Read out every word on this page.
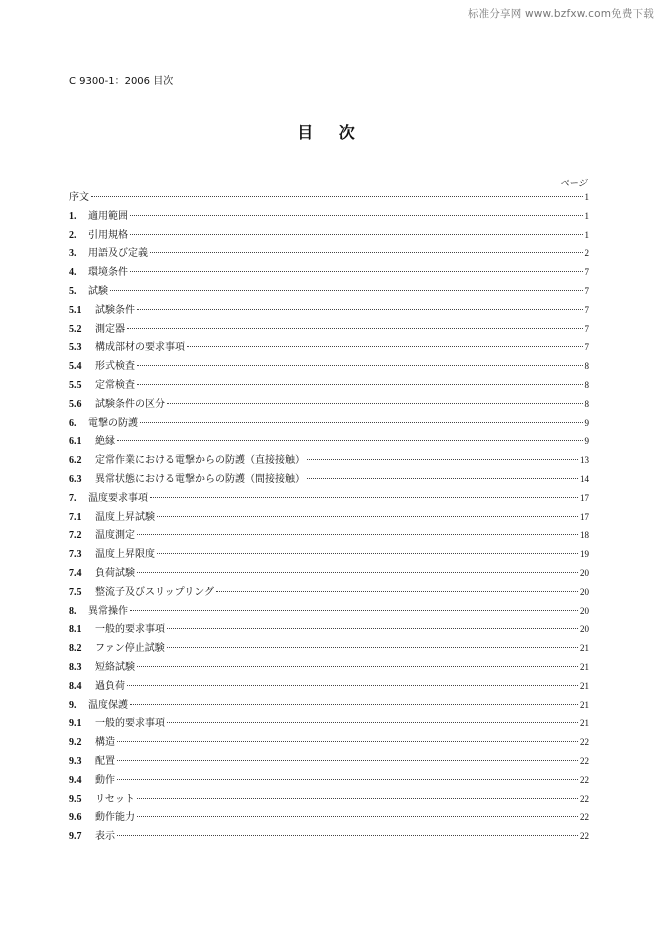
标准分享网 www.bzfxw.com免费下载
C 9300-1：2006 目次
目 次
ページ
序文	1
1.	適用範囲	1
2.	引用規格	1
3.	用語及び定義	2
4.	環境条件	7
5.	試験	7
5.1	試験条件	7
5.2	測定器	7
5.3	構成部材の要求事項	7
5.4	形式検査	8
5.5	定常検査	8
5.6	試験条件の区分	8
6.	電撃の防護	9
6.1	絶縁	9
6.2	定常作業における電撃からの防護（直接接触）	13
6.3	異常状態における電撃からの防護（間接接触）	14
7.	温度要求事項	17
7.1	温度上昇試験	17
7.2	温度測定	18
7.3	温度上昇限度	19
7.4	負荷試験	20
7.5	整流子及びスリップリング	20
8.	異常操作	20
8.1	一般的要求事項	20
8.2	ファン停止試験	21
8.3	短絡試験	21
8.4	過負荷	21
9.	温度保護	21
9.1	一般的要求事項	21
9.2	構造	22
9.3	配置	22
9.4	動作	22
9.5	リセット	22
9.6	動作能力	22
9.7	表示	22
